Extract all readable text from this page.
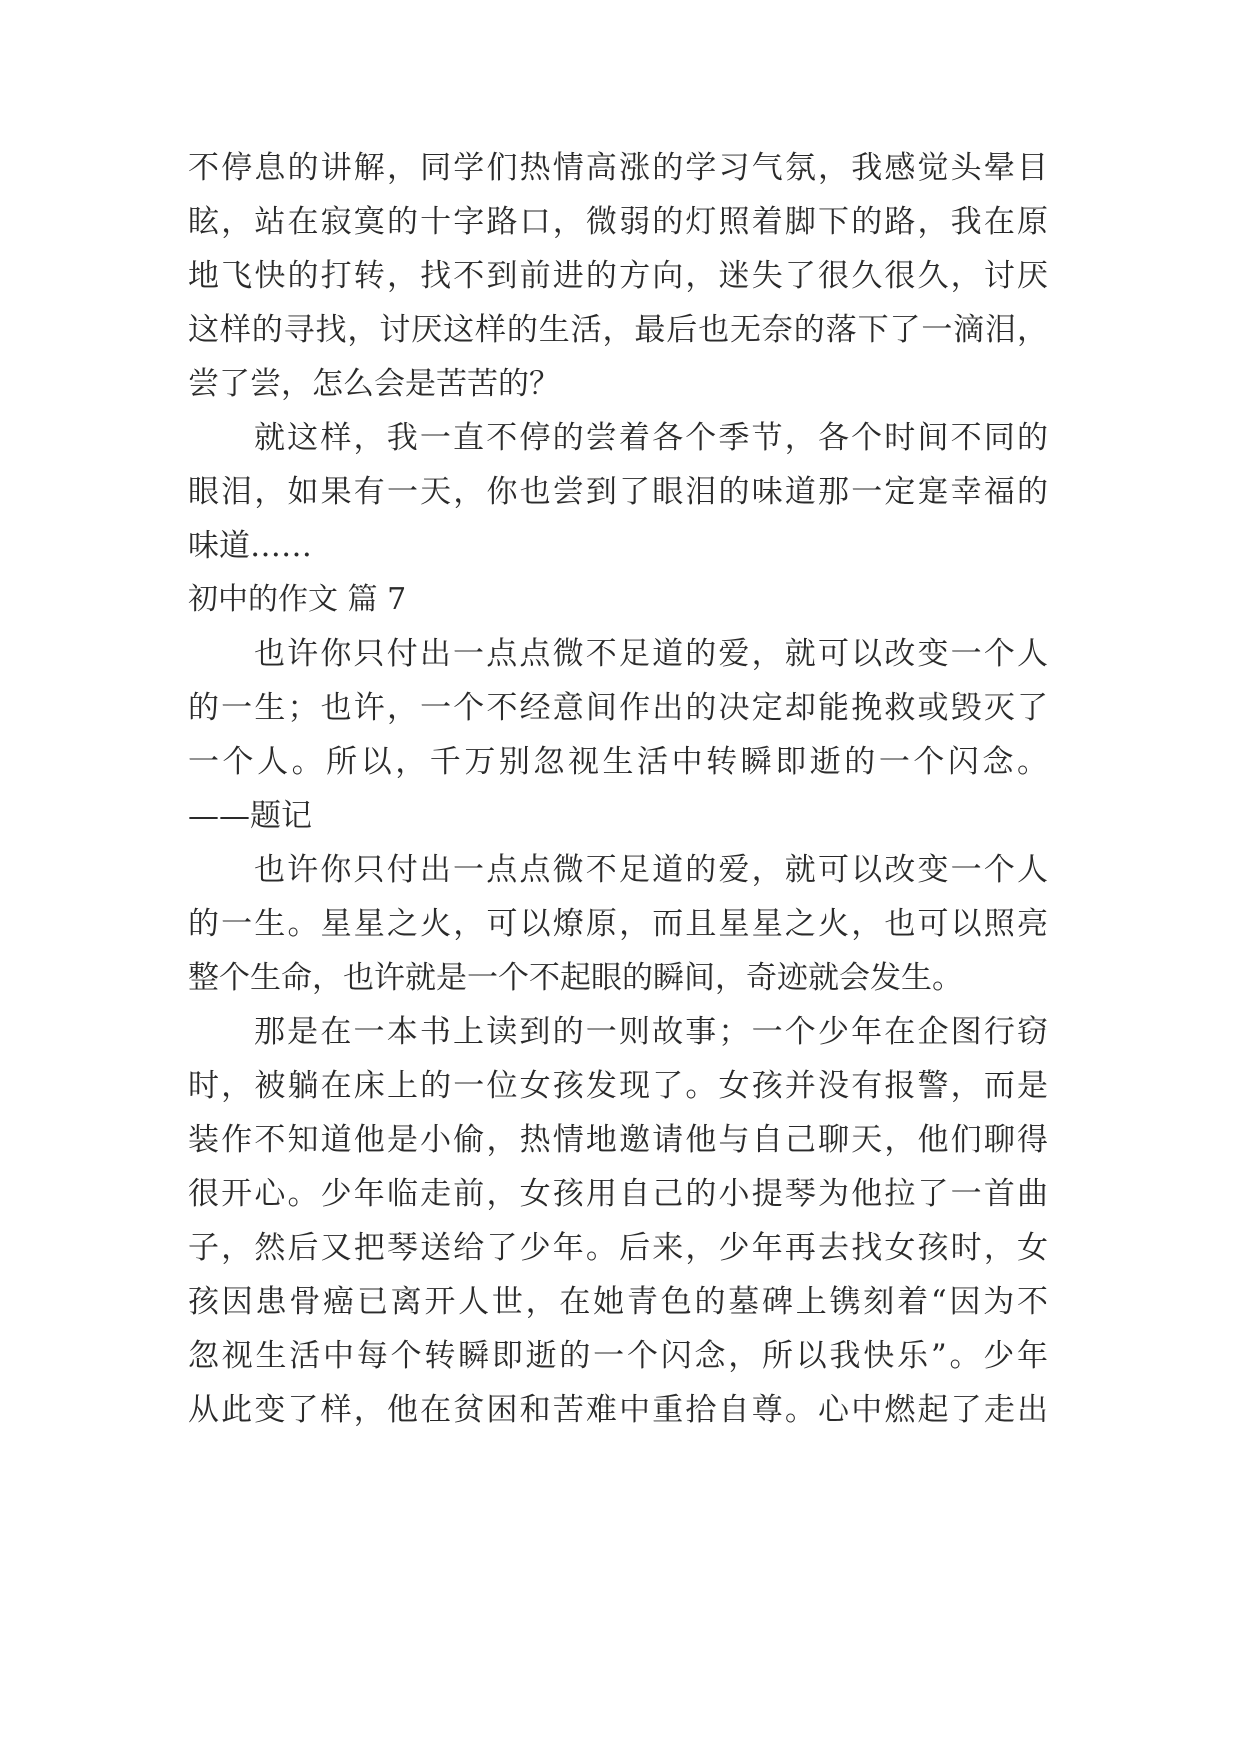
不停息的讲解，同学们热情高涨的学习气氛，我感觉头晕目
眩，站在寂寞的十字路口，微弱的灯照着脚下的路，我在原
地飞快的打转，找不到前进的方向，迷失了很久很久，讨厌
这样的寻找，讨厌这样的生活，最后也无奈的落下了一滴泪，
尝了尝，怎么会是苦苦的？
就这样，我一直不停的尝着各个季节，各个时间不同的
眼泪，如果有一天，你也尝到了眼泪的味道那一定寔幸福的
味道……
初中的作文 篇 7
也许你只付出一点点微不足道的爱，就可以改变一个人
的一生；也许，一个不经意间作出的决定却能挽救或毁灭了
一个人。所以，千万别忽视生活中转瞬即逝的一个闪念。
——题记
也许你只付出一点点微不足道的爱，就可以改变一个人
的一生。星星之火，可以燎原，而且星星之火，也可以照亮
整个生命，也许就是一个不起眼的瞬间，奇迹就会发生。
那是在一本书上读到的一则故事；一个少年在企图行窃
时，被躺在床上的一位女孩发现了。女孩并没有报警，而是
装作不知道他是小偷，热情地邀请他与自己聊天，他们聊得
很开心。少年临走前，女孩用自己的小提琴为他拉了一首曲
子，然后又把琴送给了少年。后来，少年再去找女孩时，女
孩因患骨癌已离开人世，在她青色的墓碑上镌刻着“因为不
忽视生活中每个转瞬即逝的一个闪念，所以我快乐”。少年
从此变了样，他在贫困和苦难中重拾自尊。心中燃起了走出
